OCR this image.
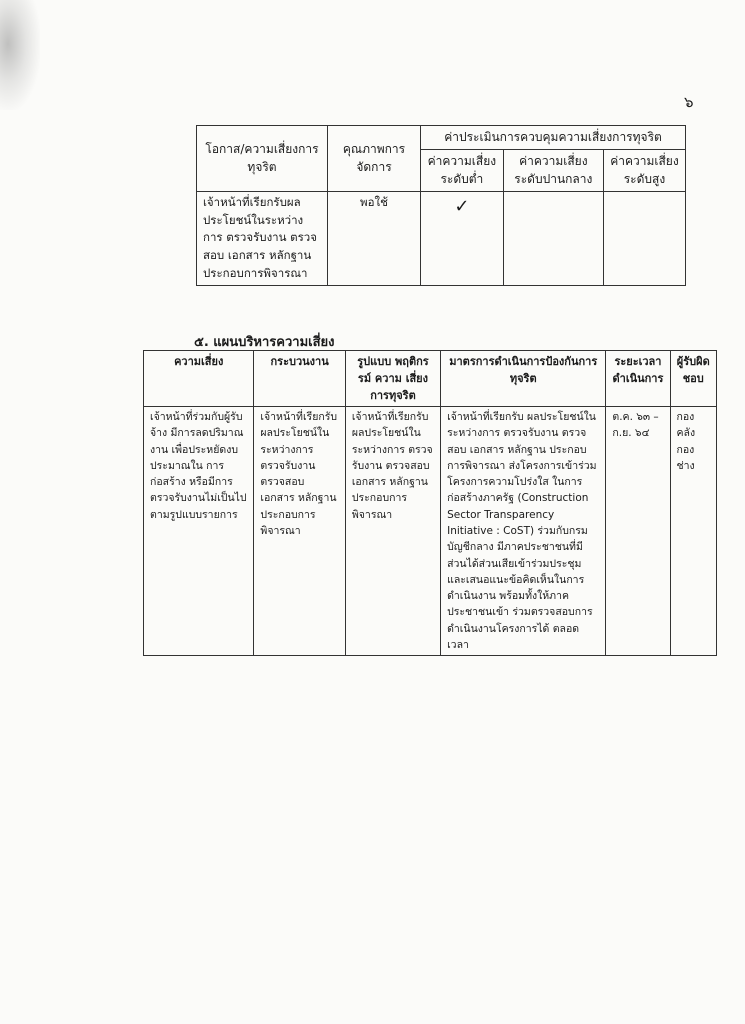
๖
โอกาส/ความเสี่ยงการทุจริต	คุณภาพการจัดการ	ค่าประเมินการควบคุมความเสี่ยงการทุจริต		
		ค่าความเสี่ยงระดับต่ำ	ค่าความเสี่ยงระดับปานกลาง	ค่าความเสี่ยงระดับสูง
เจ้าหน้าที่เรียกรับผลประโยชน์ในระหว่างการ ตรวจรับงาน ตรวจสอบ เอกสาร หลักฐาน ประกอบการพิจารณา	พอใช้	✓		
๕. แผนบริหารความเสี่ยง
ความเสี่ยง	กระบวนงาน	รูปแบบ พฤติกรรม์ ความ เสี่ยงการทุจริต	มาตรการดำเนินการป้องกันการทุจริต	ระยะเวลาดำเนินการ	ผู้รับผิดชอบ
เจ้าหน้าที่ร่วมกับผู้รับจ้าง มีการลดปริมาณงาน เพื่อประหยัดงบประมาณใน การก่อสร้าง หรือมีการตรวจรับงานไม่เป็นไปตามรูปแบบรายการ	เจ้าหน้าที่เรียกรับผลประโยชน์ในระหว่างการ ตรวจรับงาน ตรวจสอบ เอกสาร หลักฐาน ประกอบการพิจารณา	เจ้าหน้าที่เรียกรับผลประโยชน์ในระหว่างการ ตรวจรับงาน ตรวจสอบ เอกสาร หลักฐาน ประกอบการพิจารณา	เจ้าหน้าที่เรียกรับ ผลประโยชน์ในระหว่างการ ตรวจรับงาน ตรวจสอบ เอกสาร หลักฐาน ประกอบการพิจารณา ส่งโครงการเข้าร่วมโครงการความโปร่งใส ในการก่อสร้างภาครัฐ (Construction Sector Transparency Initiative : CoST) ร่วมกับกรมบัญชีกลาง มีภาคประชาชนที่มีส่วนได้ส่วนเสียเข้าร่วมประชุมและเสนอแนะข้อคิดเห็นในการดำเนินงาน พร้อมทั้งให้ภาคประชาชนเข้า ร่วมตรวจสอบการดำเนินงานโครงการได้ ตลอดเวลา	ต.ค. ๖๓ – ก.ย. ๖๔	กองคลัง กองช่าง
